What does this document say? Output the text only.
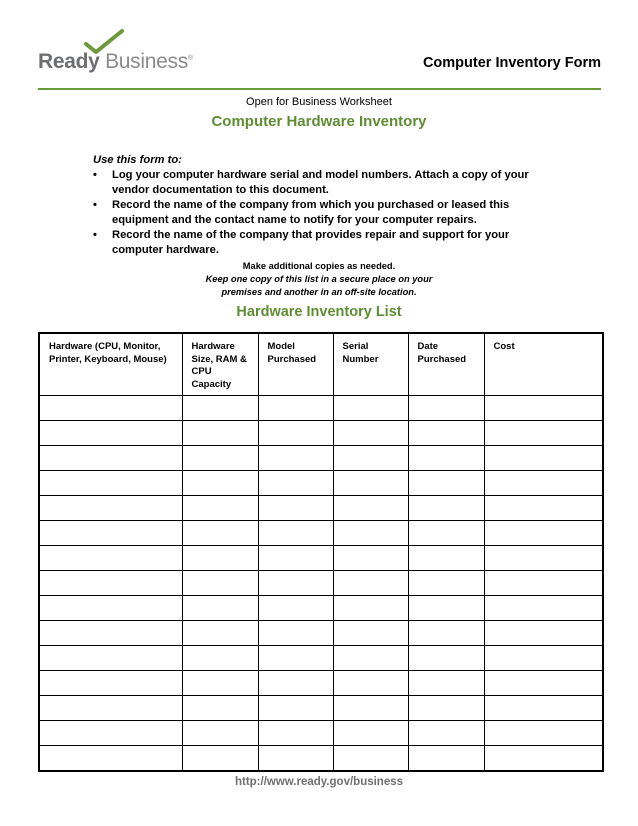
Ready Business®	Computer Inventory Form
Open for Business Worksheet
Computer Hardware Inventory
Use this form to:
• Log your computer hardware serial and model numbers. Attach a copy of your vendor documentation to this document.
• Record the name of the company from which you purchased or leased this equipment and the contact name to notify for your computer repairs.
• Record the name of the company that provides repair and support for your computer hardware.
Make additional copies as needed.
Keep one copy of this list in a secure place on your
premises and another in an off-site location.
Hardware Inventory List
Hardware (CPU, Monitor, Printer, Keyboard, Mouse)	Hardware Size, RAM & CPU Capacity	Model Purchased	Serial Number	Date Purchased	Cost

http://www.ready.gov/business
